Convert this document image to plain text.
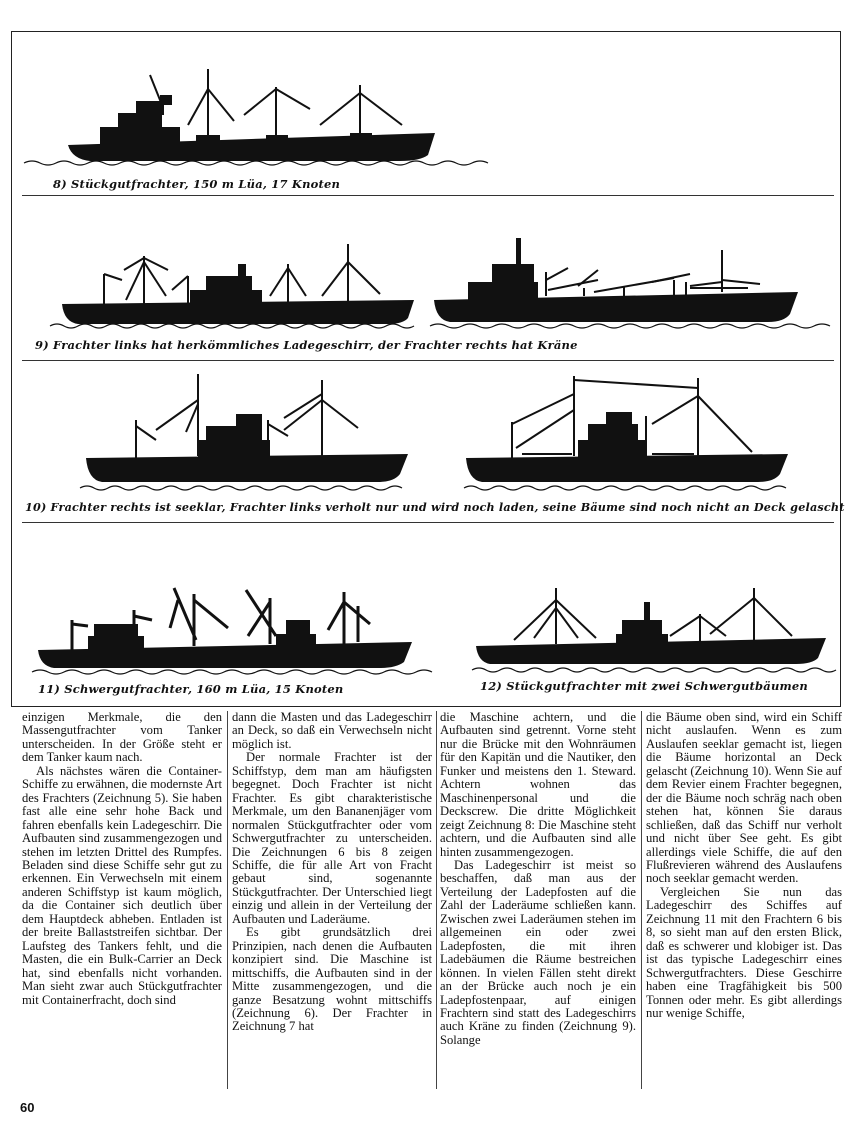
8) Stückgutfrachter, 150 m Lüa, 17 Knoten
9) Frachter links hat herkömmliches Ladegeschirr, der Frachter rechts hat Kräne
10) Frachter rechts ist seeklar, Frachter links verholt nur und wird noch laden, seine Bäume sind noch nicht an Deck gelascht
11) Schwergutfrachter, 160 m Lüa, 15 Knoten	12) Stückgutfrachter mit zwei Schwergutbäumen

einzigen Merkmale, die den Massengutfrachter vom Tanker unterscheiden. In der Größe steht er dem Tanker kaum nach.

Als nächstes wären die Container-Schiffe zu erwähnen, die modernste Art des Frachters (Zeichnung 5). Sie haben fast alle eine sehr hohe Back und fahren ebenfalls kein Ladegeschirr. Die Aufbauten sind zusammengezogen und stehen im letzten Drittel des Rumpfes. Beladen sind diese Schiffe sehr gut zu erkennen. Ein Verwechseln mit einem anderen Schiffstyp ist kaum möglich, da die Container sich deutlich über dem Hauptdeck abheben. Entladen ist der breite Ballaststreifen sichtbar. Der Laufsteg des Tankers fehlt, und die Masten, die ein Bulk-Carrier an Deck hat, sind ebenfalls nicht vorhanden. Man sieht zwar auch Stückgutfrachter mit Containerfracht, doch sind

dann die Masten und das Ladegeschirr an Deck, so daß ein Verwechseln nicht möglich ist.

Der normale Frachter ist der Schiffstyp, dem man am häufigsten begegnet. Doch Frachter ist nicht Frachter. Es gibt charakteristische Merkmale, um den Bananenjäger vom normalen Stückgutfrachter oder vom Schwergutfrachter zu unterscheiden. Die Zeichnungen 6 bis 8 zeigen Schiffe, die für alle Art von Fracht gebaut sind, sogenannte Stückgutfrachter. Der Unterschied liegt einzig und allein in der Verteilung der Aufbauten und Laderäume.

Es gibt grundsätzlich drei Prinzipien, nach denen die Aufbauten konzipiert sind. Die Maschine ist mittschiffs, die Aufbauten sind in der Mitte zusammengezogen, und die ganze Besatzung wohnt mittschiffs (Zeichnung 6). Der Frachter in Zeichnung 7 hat

die Maschine achtern, und die Aufbauten sind getrennt. Vorne steht nur die Brücke mit den Wohnräumen für den Kapitän und die Nautiker, den Funker und meistens den 1. Steward. Achtern wohnen das Maschinenpersonal und die Deckscrew. Die dritte Möglichkeit zeigt Zeichnung 8: Die Maschine steht achtern, und die Aufbauten sind alle hinten zusammengezogen.

Das Ladegeschirr ist meist so beschaffen, daß man aus der Verteilung der Ladepfosten auf die Zahl der Laderäume schließen kann. Zwischen zwei Laderäumen stehen im allgemeinen ein oder zwei Ladepfosten, die mit ihren Ladebäumen die Räume bestreichen können. In vielen Fällen steht direkt an der Brücke auch noch je ein Ladepfostenpaar, auf einigen Frachtern sind statt des Ladegeschirrs auch Kräne zu finden (Zeichnung 9). Solange

die Bäume oben sind, wird ein Schiff nicht auslaufen. Wenn es zum Auslaufen seeklar gemacht ist, liegen die Bäume horizontal an Deck gelascht (Zeichnung 10). Wenn Sie auf dem Revier einem Frachter begegnen, der die Bäume noch schräg nach oben stehen hat, können Sie daraus schließen, daß das Schiff nur verholt und nicht über See geht. Es gibt allerdings viele Schiffe, die auf den Flußrevieren während des Auslaufens noch seeklar gemacht werden.

Vergleichen Sie nun das Ladegeschirr des Schiffes auf Zeichnung 11 mit den Frachtern 6 bis 8, so sieht man auf den ersten Blick, daß es schwerer und klobiger ist. Das ist das typische Ladegeschirr eines Schwergutfrachters. Diese Geschirre haben eine Tragfähigkeit bis 500 Tonnen oder mehr. Es gibt allerdings nur wenige Schiffe,

60
